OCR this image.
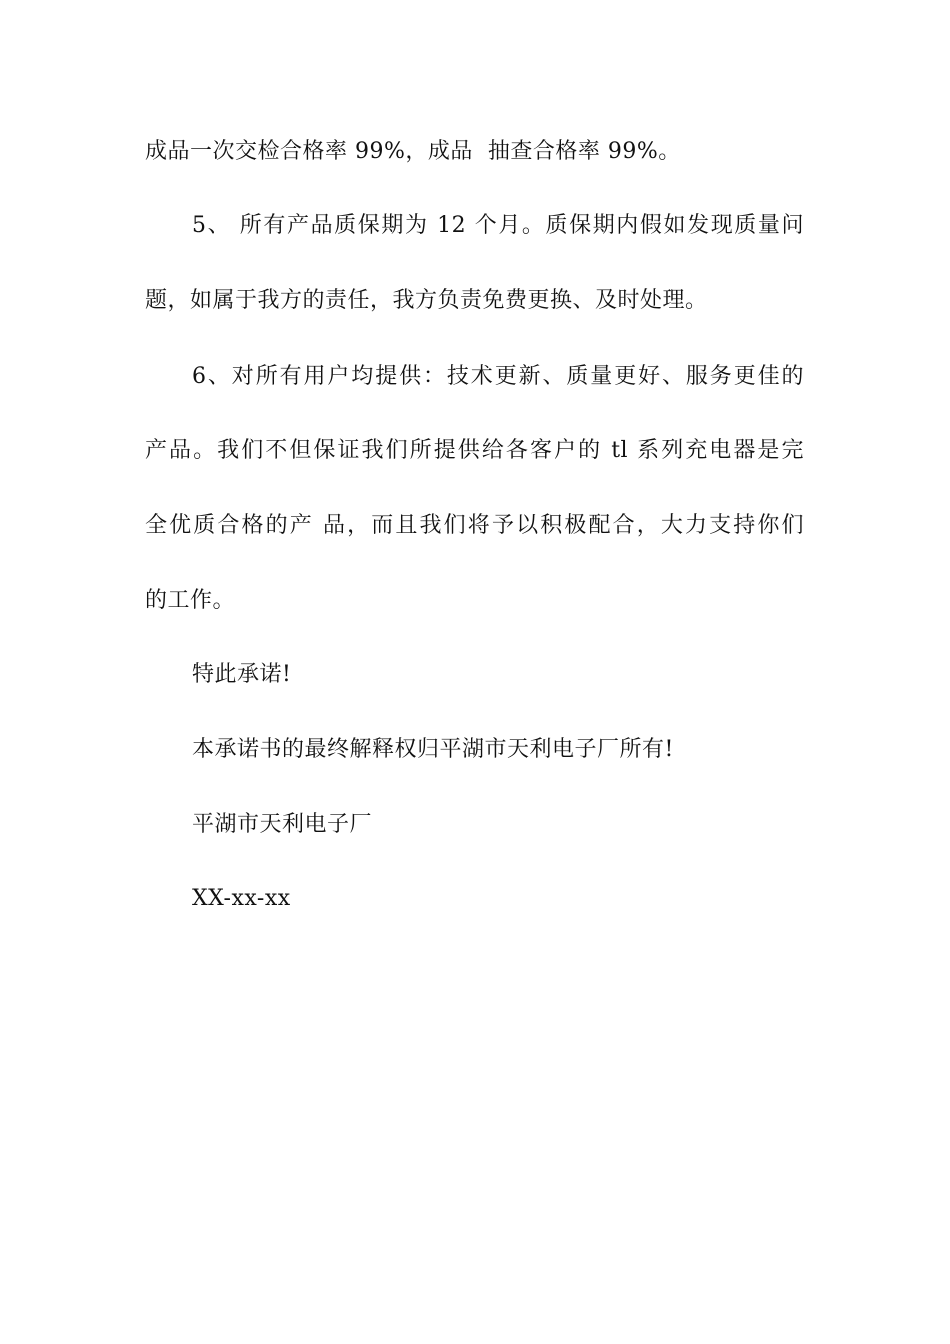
成品一次交检合格率 99%，成品  抽查合格率 99%。
5、 所有产品质保期为 12 个月。质保期内假如发现质量问
题，如属于我方的责任，我方负责免费更换、及时处理。
6、对所有用户均提供：技术更新、质量更好、服务更佳的
产品。我们不但保证我们所提供给各客户的 tl 系列充电器是完
全优质合格的产 品，而且我们将予以积极配合，大力支持你们
的工作。
特此承诺!
本承诺书的最终解释权归平湖市天利电子厂所有!
平湖市天利电子厂
XX-xx-xx
